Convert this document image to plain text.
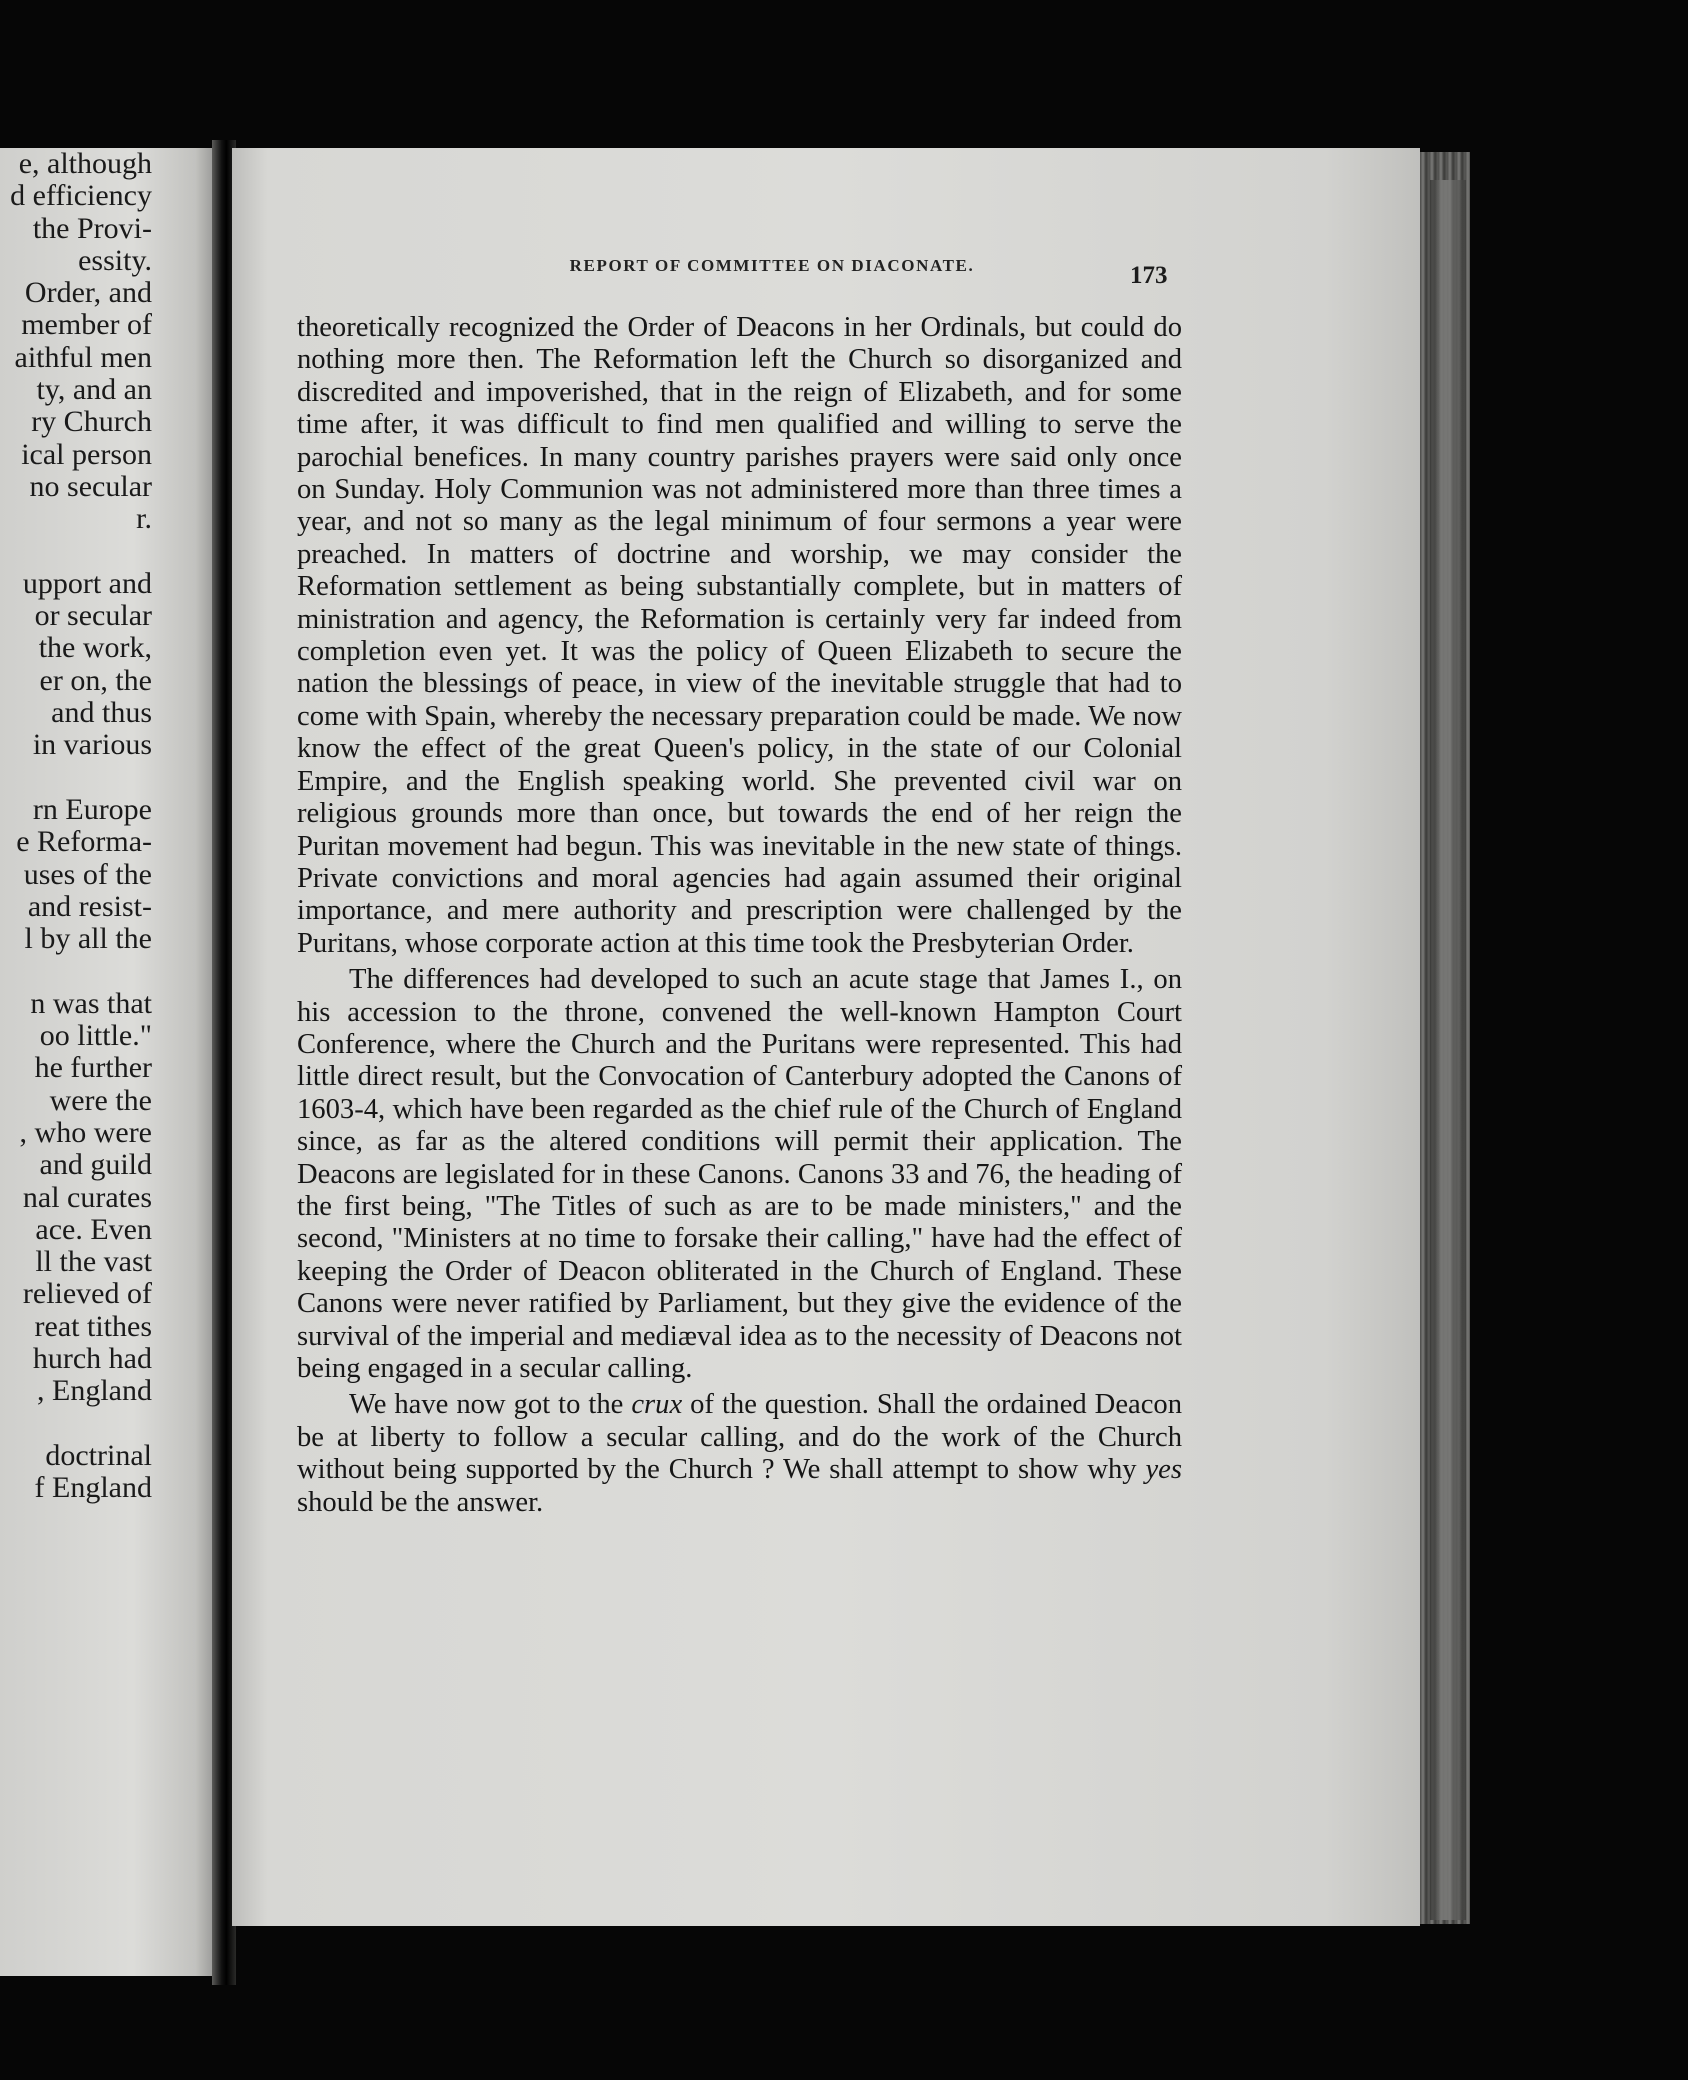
e, although
d efficiency
the Provi-
essity.
Order, and
member of
aithful men
ty, and an
ry Church
ical person
no secular
r.
upport and
or secular
the work,
er on, the
and thus
in various
rn Europe
e Reforma-
uses of the
and resist-
l by all the
n was that
oo little."
he further
were the
, who were
and guild
nal curates
ace. Even
ll the vast
relieved of
reat tithes
hurch had
, England
doctrinal
f England
REPORT OF COMMITTEE ON DIACONATE.	173

theoretically recognized the Order of Deacons in her Ordinals, but could do nothing more then. The Reformation left the Church so disorganized and discredited and impoverished, that in the reign of Elizabeth, and for some time after, it was difficult to find men qualified and willing to serve the parochial benefices. In many country parishes prayers were said only once on Sunday. Holy Communion was not administered more than three times a year, and not so many as the legal minimum of four sermons a year were preached. In matters of doctrine and worship, we may consider the Reformation settlement as being substantially complete, but in matters of ministration and agency, the Reformation is certainly very far indeed from completion even yet. It was the policy of Queen Elizabeth to secure the nation the blessings of peace, in view of the inevitable struggle that had to come with Spain, whereby the necessary preparation could be made. We now know the effect of the great Queen's policy, in the state of our Colonial Empire, and the English speaking world. She prevented civil war on religious grounds more than once, but towards the end of her reign the Puritan movement had begun. This was inevitable in the new state of things. Private convictions and moral agencies had again assumed their original importance, and mere authority and prescription were challenged by the Puritans, whose corporate action at this time took the Presbyterian Order.

The differences had developed to such an acute stage that James I., on his accession to the throne, convened the well-known Hampton Court Conference, where the Church and the Puritans were represented. This had little direct result, but the Convocation of Canterbury adopted the Canons of 1603-4, which have been regarded as the chief rule of the Church of England since, as far as the altered conditions will permit their application. The Deacons are legislated for in these Canons. Canons 33 and 76, the heading of the first being, "The Titles of such as are to be made ministers," and the second, "Ministers at no time to forsake their calling," have had the effect of keeping the Order of Deacon obliterated in the Church of England. These Canons were never ratified by Parliament, but they give the evidence of the survival of the imperial and mediæval idea as to the necessity of Deacons not being engaged in a secular calling.

We have now got to the crux of the question. Shall the ordained Deacon be at liberty to follow a secular calling, and do the work of the Church without being supported by the Church ? We shall attempt to show why yes should be the answer.
